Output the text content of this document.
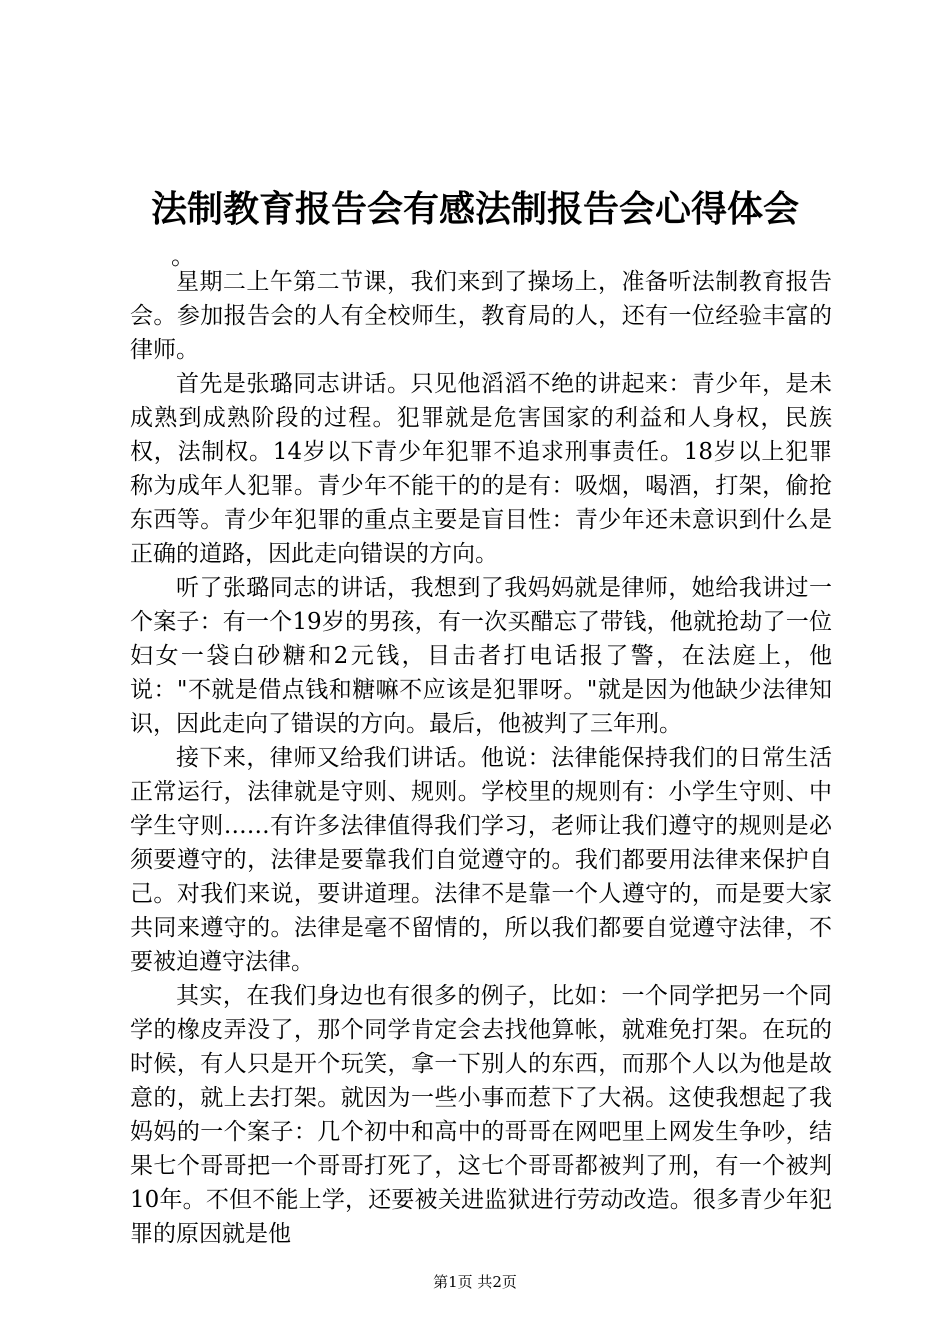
法制教育报告会有感法制报告会心得体会
。

星期二上午第二节课，我们来到了操场上，准备听法制教育报告会。参加报告会的人有全校师生，教育局的人，还有一位经验丰富的律师。

首先是张璐同志讲话。只见他滔滔不绝的讲起来：青少年，是未成熟到成熟阶段的过程。犯罪就是危害国家的利益和人身权，民族权，法制权。14岁以下青少年犯罪不追求刑事责任。18岁以上犯罪称为成年人犯罪。青少年不能干的的是有：吸烟，喝酒，打架，偷抢东西等。青少年犯罪的重点主要是盲目性：青少年还未意识到什么是正确的道路，因此走向错误的方向。

听了张璐同志的讲话，我想到了我妈妈就是律师，她给我讲过一个案子：有一个19岁的男孩，有一次买醋忘了带钱，他就抢劫了一位妇女一袋白砂糖和2元钱，目击者打电话报了警，在法庭上，他说："不就是借点钱和糖嘛不应该是犯罪呀。"就是因为他缺少法律知识，因此走向了错误的方向。最后，他被判了三年刑。

接下来，律师又给我们讲话。他说：法律能保持我们的日常生活正常运行，法律就是守则、规则。学校里的规则有：小学生守则、中学生守则……有许多法律值得我们学习，老师让我们遵守的规则是必须要遵守的，法律是要靠我们自觉遵守的。我们都要用法律来保护自己。对我们来说，要讲道理。法律不是靠一个人遵守的，而是要大家共同来遵守的。法律是毫不留情的，所以我们都要自觉遵守法律，不要被迫遵守法律。

其实，在我们身边也有很多的例子，比如：一个同学把另一个同学的橡皮弄没了，那个同学肯定会去找他算帐，就难免打架。在玩的时候，有人只是开个玩笑，拿一下别人的东西，而那个人以为他是故意的，就上去打架。就因为一些小事而惹下了大祸。这使我想起了我妈妈的一个案子：几个初中和高中的哥哥在网吧里上网发生争吵，结果七个哥哥把一个哥哥打死了，这七个哥哥都被判了刑，有一个被判10年。不但不能上学，还要被关进监狱进行劳动改造。很多青少年犯罪的原因就是他

第1页 共2页
